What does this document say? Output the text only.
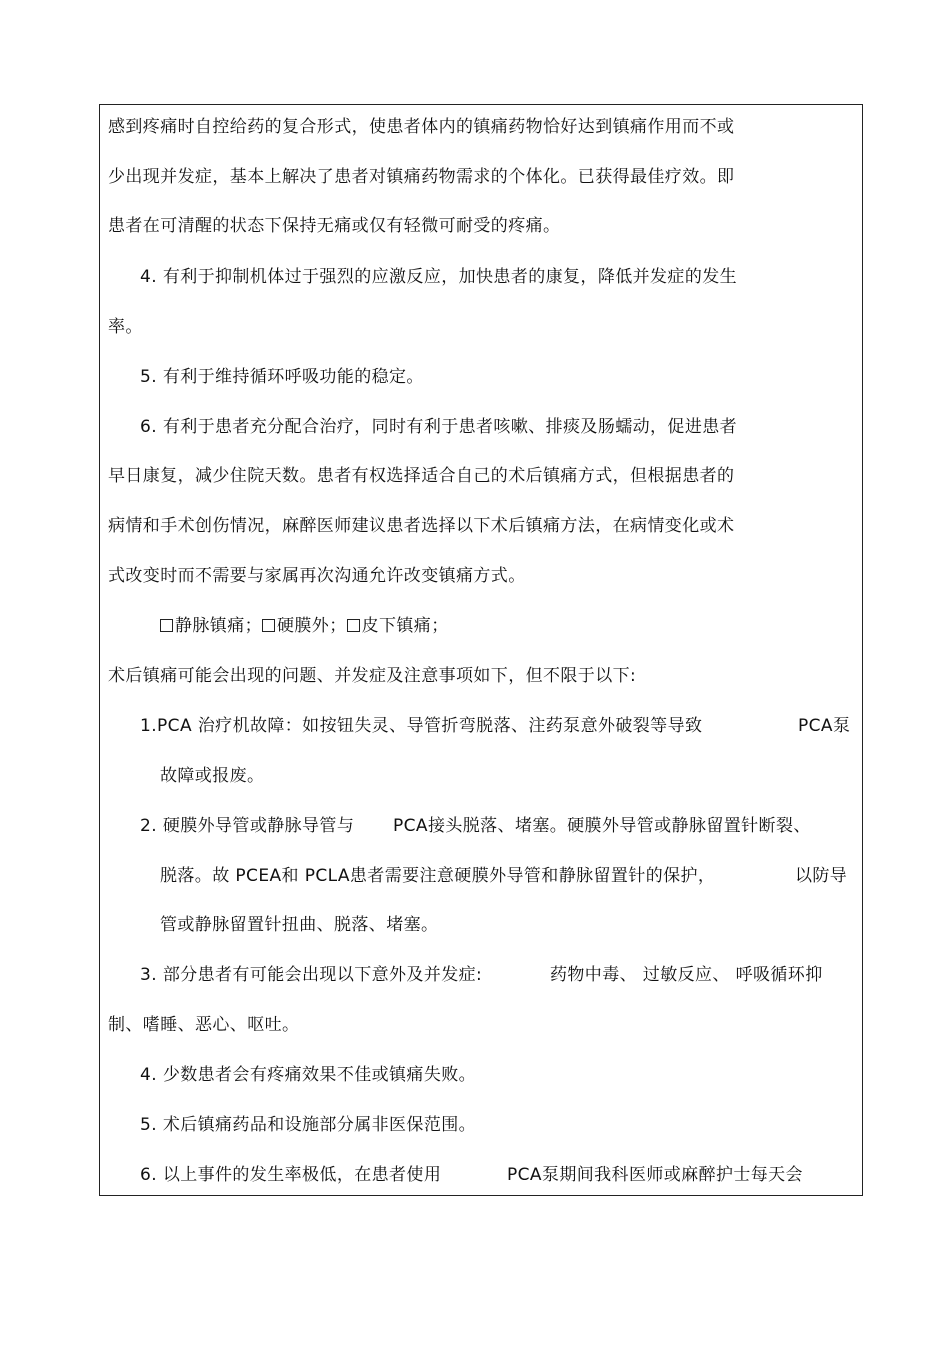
感到疼痛时自控给药的复合形式，使患者体内的镇痛药物恰好达到镇痛作用而不或
少出现并发症，基本上解决了患者对镇痛药物需求的个体化。已获得最佳疗效。即
患者在可清醒的状态下保持无痛或仅有轻微可耐受的疼痛。
4. 有利于抑制机体过于强烈的应激反应，加快患者的康复，降低并发症的发生
率。
5. 有利于维持循环呼吸功能的稳定。
6. 有利于患者充分配合治疗，同时有利于患者咳嗽、排痰及肠蠕动，促进患者
早日康复，减少住院天数。患者有权选择适合自己的术后镇痛方式，但根据患者的
病情和手术创伤情况，麻醉医师建议患者选择以下术后镇痛方法，在病情变化或术
式改变时而不需要与家属再次沟通允许改变镇痛方式。
静脉镇痛； 硬膜外； 皮下镇痛；
术后镇痛可能会出现的问题、并发症及注意事项如下，但不限于以下:
1.PCA 治疗机故障：如按钮失灵、导管折弯脱落、注药泵意外破裂等导致	PCA泵
故障或报废。
2. 硬膜外导管或静脉导管与 PCA接头脱落、堵塞。硬膜外导管或静脉留置针断裂、
脱落。故 PCEA和 PCLA患者需要注意硬膜外导管和静脉留置针的保护，	以防导
管或静脉留置针扭曲、脱落、堵塞。
3. 部分患者有可能会出现以下意外及并发症:	药物中毒、 过敏反应、 呼吸循环抑
制、嗜睡、恶心、呕吐。
4. 少数患者会有疼痛效果不佳或镇痛失败。
5. 术后镇痛药品和设施部分属非医保范围。
6. 以上事件的发生率极低，在患者使用	PCA泵期间我科医师或麻醉护士每天会
